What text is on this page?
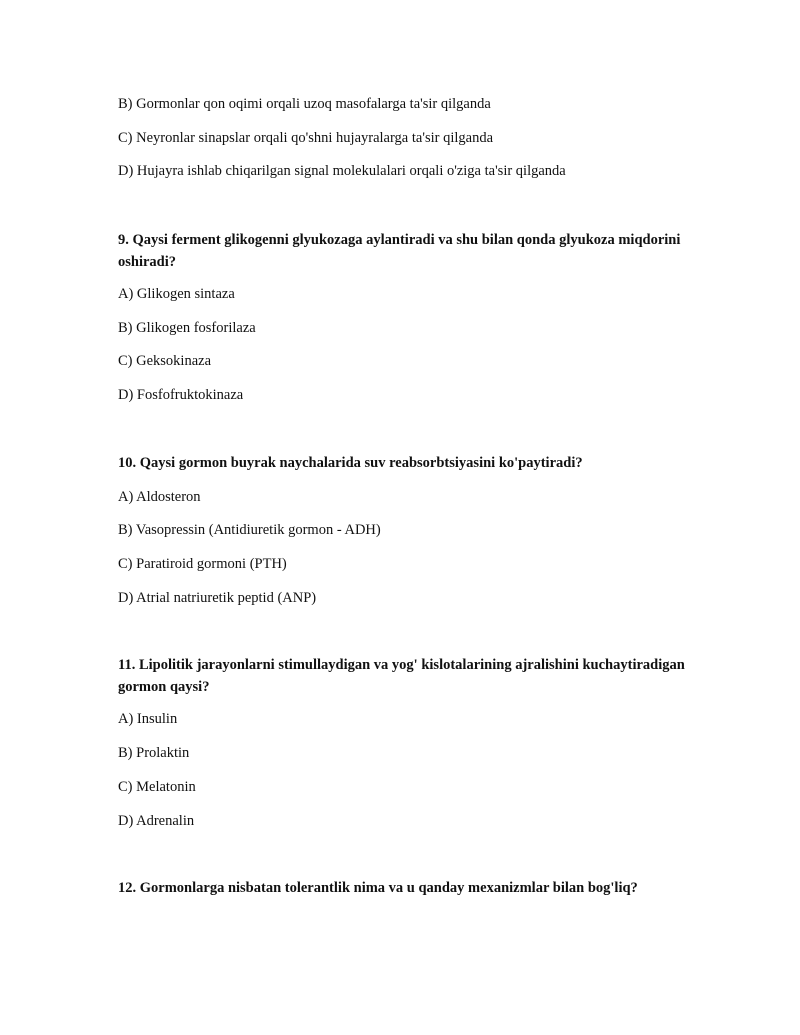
B) Gormonlar qon oqimi orqali uzoq masofalarga ta'sir qilganda
C) Neyronlar sinapslar orqali qo'shni hujayralarga ta'sir qilganda
D) Hujayra ishlab chiqarilgan signal molekulalari orqali o'ziga ta'sir qilganda
9. Qaysi ferment glikogenni glyukozaga aylantiradi va shu bilan qonda glyukoza miqdorini oshiradi?
A) Glikogen sintaza
B) Glikogen fosforilaza
C) Geksokinaza
D) Fosfofruktokinaza
10. Qaysi gormon buyrak naychalarida suv reabsorbtsiyasini ko'paytiradi?
A) Aldosteron
B) Vasopressin (Antidiuretik gormon - ADH)
C) Paratiroid gormoni (PTH)
D) Atrial natriuretik peptid (ANP)
11. Lipolitik jarayonlarni stimullaydigan va yog' kislotalarining ajralishini kuchaytiradigan gormon qaysi?
A) Insulin
B) Prolaktin
C) Melatonin
D) Adrenalin
12. Gormonlarga nisbatan tolerantlik nima va u qanday mexanizmlar bilan bog'liq?
